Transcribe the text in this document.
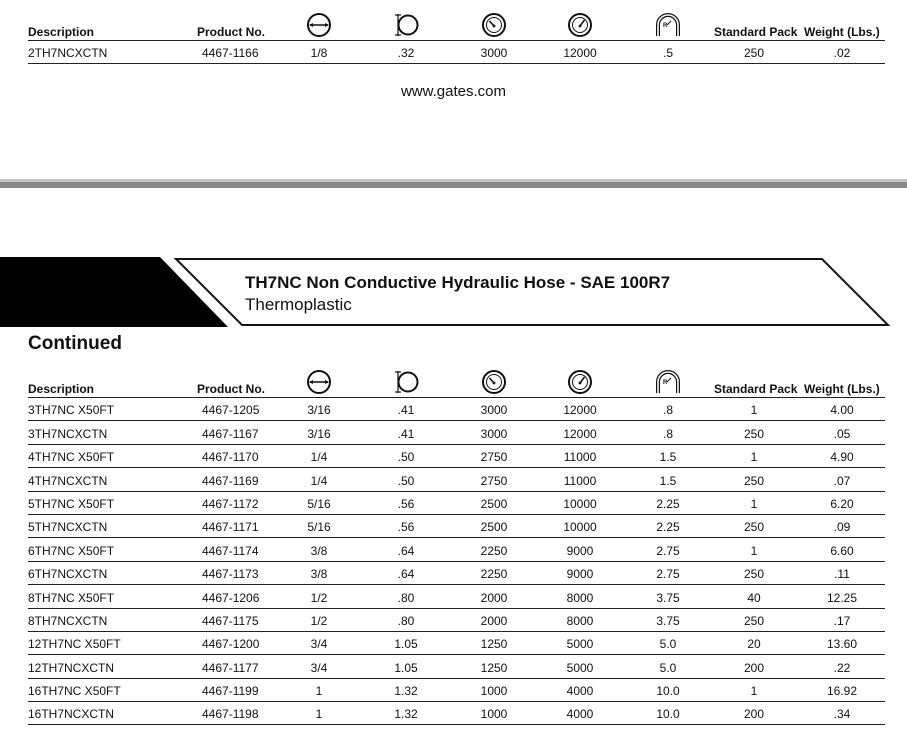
Description	Product No.	Standard Pack Weight (Lbs.)
R
2TH7NCXCTN	4467-1166	1/8	.32	3000	12000	.5	250	.02
www.gates.com
TH7NC Non Conductive Hydraulic Hose - SAE 100R7
Thermoplastic
Continued
Description	Product No.	Standard Pack Weight (Lbs.)
R
3TH7NC X50FT	4467-1205	3/16	.41	3000	12000	.8	1	4.00
3TH7NCXCTN	4467-1167	3/16	.41	3000	12000	.8	250	.05
4TH7NC X50FT	4467-1170	1/4	.50	2750	11000	1.5	1	4.90
4TH7NCXCTN	4467-1169	1/4	.50	2750	11000	1.5	250	.07
5TH7NC X50FT	4467-1172	5/16	.56	2500	10000	2.25	1	6.20
5TH7NCXCTN	4467-1171	5/16	.56	2500	10000	2.25	250	.09
6TH7NC X50FT	4467-1174	3/8	.64	2250	9000	2.75	1	6.60
6TH7NCXCTN	4467-1173	3/8	.64	2250	9000	2.75	250	.11
8TH7NC X50FT	4467-1206	1/2	.80	2000	8000	3.75	40	12.25
8TH7NCXCTN	4467-1175	1/2	.80	2000	8000	3.75	250	.17
12TH7NC X50FT	4467-1200	3/4	1.05	1250	5000	5.0	20	13.60
12TH7NCXCTN	4467-1177	3/4	1.05	1250	5000	5.0	200	.22
16TH7NC X50FT	4467-1199	1	1.32	1000	4000	10.0	1	16.92
16TH7NCXCTN	4467-1198	1	1.32	1000	4000	10.0	200	.34
